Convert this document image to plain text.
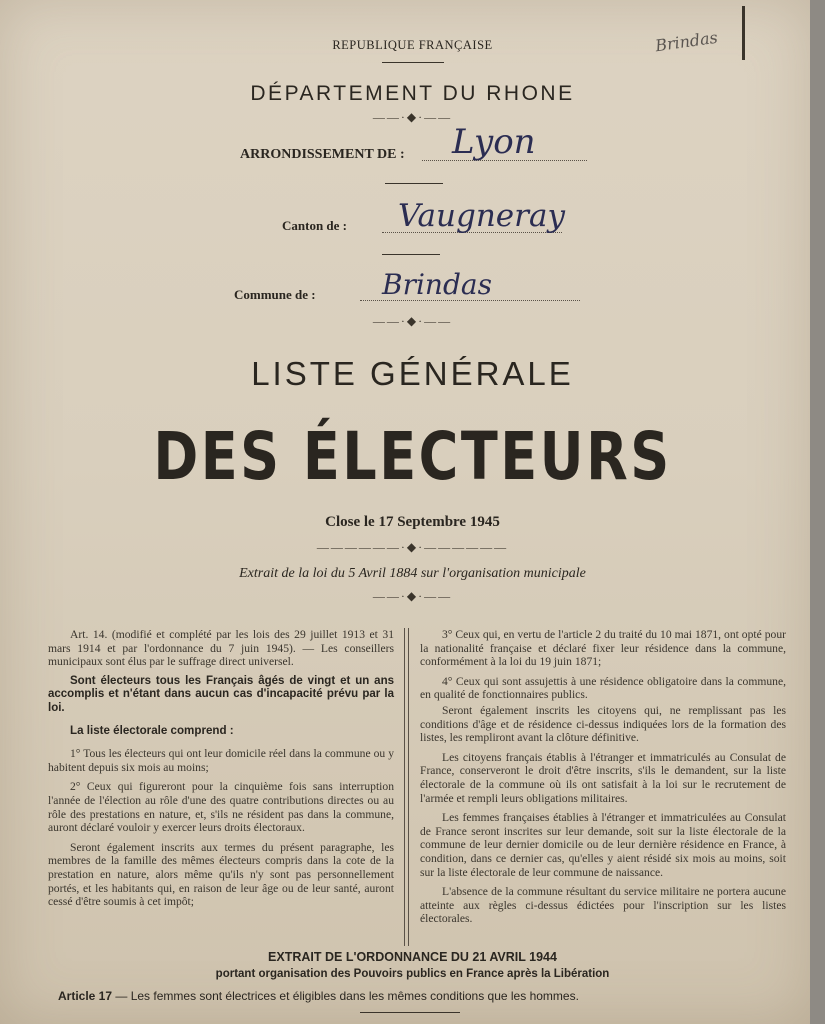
Brindas
REPUBLIQUE FRANÇAISE
DÉPARTEMENT DU RHONE
——·◆·——
ARRONDISSEMENT DE : Lyon
Canton de : Vaugneray
Commune de : Brindas
——·◆·——
LISTE GÉNÉRALE
DES ÉLECTEURS
Close le 17 Septembre 1945
——————·◆·——————
Extrait de la loi du 5 Avril 1884 sur l'organisation municipale
——·◆·——

Art. 14. (modifié et complété par les lois des 29 juillet 1913 et 31 mars 1914 et par l'ordonnance du 7 juin 1945). — Les conseillers municipaux sont élus par le suffrage direct universel.

Sont électeurs tous les Français âgés de vingt et un ans accomplis et n'étant dans aucun cas d'incapacité prévu par la loi.

La liste électorale comprend :

1° Tous les électeurs qui ont leur domicile réel dans la commune ou y habitent depuis six mois au moins;

2° Ceux qui figureront pour la cinquième fois sans interruption l'année de l'élection au rôle d'une des quatre contributions directes ou au rôle des prestations en nature, et, s'ils ne résident pas dans la commune, auront déclaré vouloir y exercer leurs droits électoraux.

Seront également inscrits aux termes du présent paragraphe, les membres de la famille des mêmes électeurs compris dans la cote de la prestation en nature, alors même qu'ils n'y sont pas personnellement portés, et les habitants qui, en raison de leur âge ou de leur santé, auront cessé d'être soumis à cet impôt;

3° Ceux qui, en vertu de l'article 2 du traité du 10 mai 1871, ont opté pour la nationalité française et déclaré fixer leur résidence dans la commune, conformément à la loi du 19 juin 1871;

4° Ceux qui sont assujettis à une résidence obligatoire dans la commune, en qualité de fonctionnaires publics.

Seront également inscrits les citoyens qui, ne remplissant pas les conditions d'âge et de résidence ci-dessus indiquées lors de la formation des listes, les rempliront avant la clôture définitive.

Les citoyens français établis à l'étranger et immatriculés au Consulat de France, conserveront le droit d'être inscrits, s'ils le demandent, sur la liste électorale de la commune où ils ont satisfait à la loi sur le recrutement de l'armée et rempli leurs obligations militaires.

Les femmes françaises établies à l'étranger et immatriculées au Consulat de France seront inscrites sur leur demande, soit sur la liste électorale de la commune de leur dernier domicile ou de leur dernière résidence en France, à condition, dans ce dernier cas, qu'elles y aient résidé six mois au moins, soit sur la liste électorale de leur commune de naissance.

L'absence de la commune résultant du service militaire ne portera aucune atteinte aux règles ci-dessus édictées pour l'inscription sur les listes électorales.

EXTRAIT DE L'ORDONNANCE DU 21 AVRIL 1944
portant organisation des Pouvoirs publics en France après la Libération
Article 17 — Les femmes sont électrices et éligibles dans les mêmes conditions que les hommes.
